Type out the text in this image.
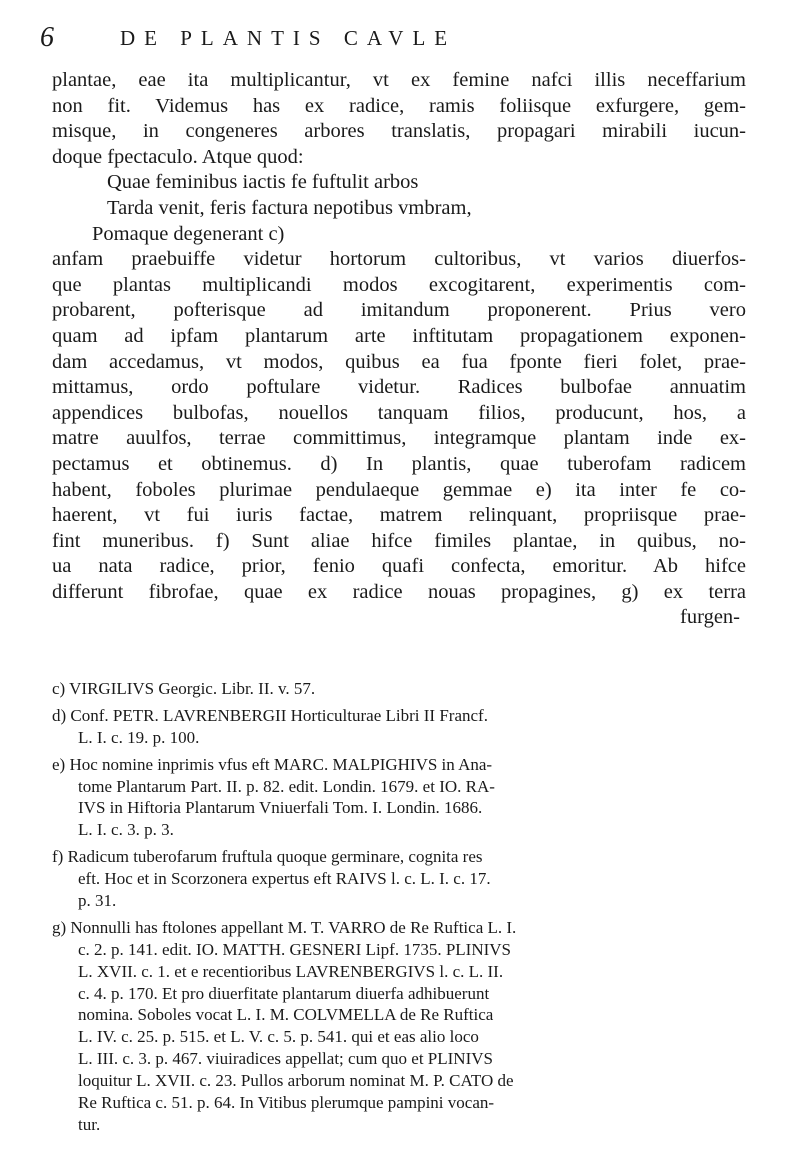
6	DE PLANTIS CAVLE
plantae, eae ita multiplicantur, vt ex femine nafci illis neceffarium
non fit. Videmus has ex radice, ramis foliisque exfurgere, gem-
misque, in congeneres arbores translatis, propagari mirabili iucun-
doque fpectaculo. Atque quod:
Quae feminibus iactis fe fuftulit arbos
Tarda venit, feris factura nepotibus vmbram,
Pomaque degenerant c)
anfam praebuiffe videtur hortorum cultoribus, vt varios diuerfos-
que plantas multiplicandi modos excogitarent, experimentis com-
probarent, pofterisque ad imitandum proponerent. Prius vero
quam ad ipfam plantarum arte inftitutam propagationem exponen-
dam accedamus, vt modos, quibus ea fua fponte fieri folet, prae-
mittamus, ordo poftulare videtur. Radices bulbofae annuatim
appendices bulbofas, nouellos tanquam filios, producunt, hos, a
matre auulfos, terrae committimus, integramque plantam inde ex-
pectamus et obtinemus. d) In plantis, quae tuberofam radicem
habent, foboles plurimae pendulaeque gemmae e) ita inter fe co-
haerent, vt fui iuris factae, matrem relinquant, propriisque prae-
fint muneribus. f) Sunt aliae hifce fimiles plantae, in quibus, no-
ua nata radice, prior, fenio quafi confecta, emoritur. Ab hifce
differunt fibrofae, quae ex radice nouas propagines, g) ex terra
furgen-
c) VIRGILIVS Georgic. Libr. II. v. 57.
d) Conf. PETR. LAVRENBERGII Horticulturae Libri II Francf.
L. I. c. 19. p. 100.
e) Hoc nomine inprimis vfus eft MARC. MALPIGHIVS in Ana-
tome Plantarum Part. II. p. 82. edit. Londin. 1679. et IO. RA-
IVS in Hiftoria Plantarum Vniuerfali Tom. I. Londin. 1686.
L. I. c. 3. p. 3.
f) Radicum tuberofarum fruftula quoque germinare, cognita res
eft. Hoc et in Scorzonera expertus eft RAIVS l. c. L. I. c. 17.
p. 31.
g) Nonnulli has ftolones appellant M. T. VARRO de Re Ruftica L. I.
c. 2. p. 141. edit. IO. MATTH. GESNERI Lipf. 1735. PLINIVS
L. XVII. c. 1. et e recentioribus LAVRENBERGIVS l. c. L. II.
c. 4. p. 170. Et pro diuerfitate plantarum diuerfa adhibuerunt
nomina. Soboles vocat L. I. M. COLVMELLA de Re Ruftica
L. IV. c. 25. p. 515. et L. V. c. 5. p. 541. qui et eas alio loco
L. III. c. 3. p. 467. viuiradices appellat; cum quo et PLINIVS
loquitur L. XVII. c. 23. Pullos arborum nominat M. P. CATO de
Re Ruftica c. 51. p. 64. In Vitibus plerumque pampini vocan-
tur.
